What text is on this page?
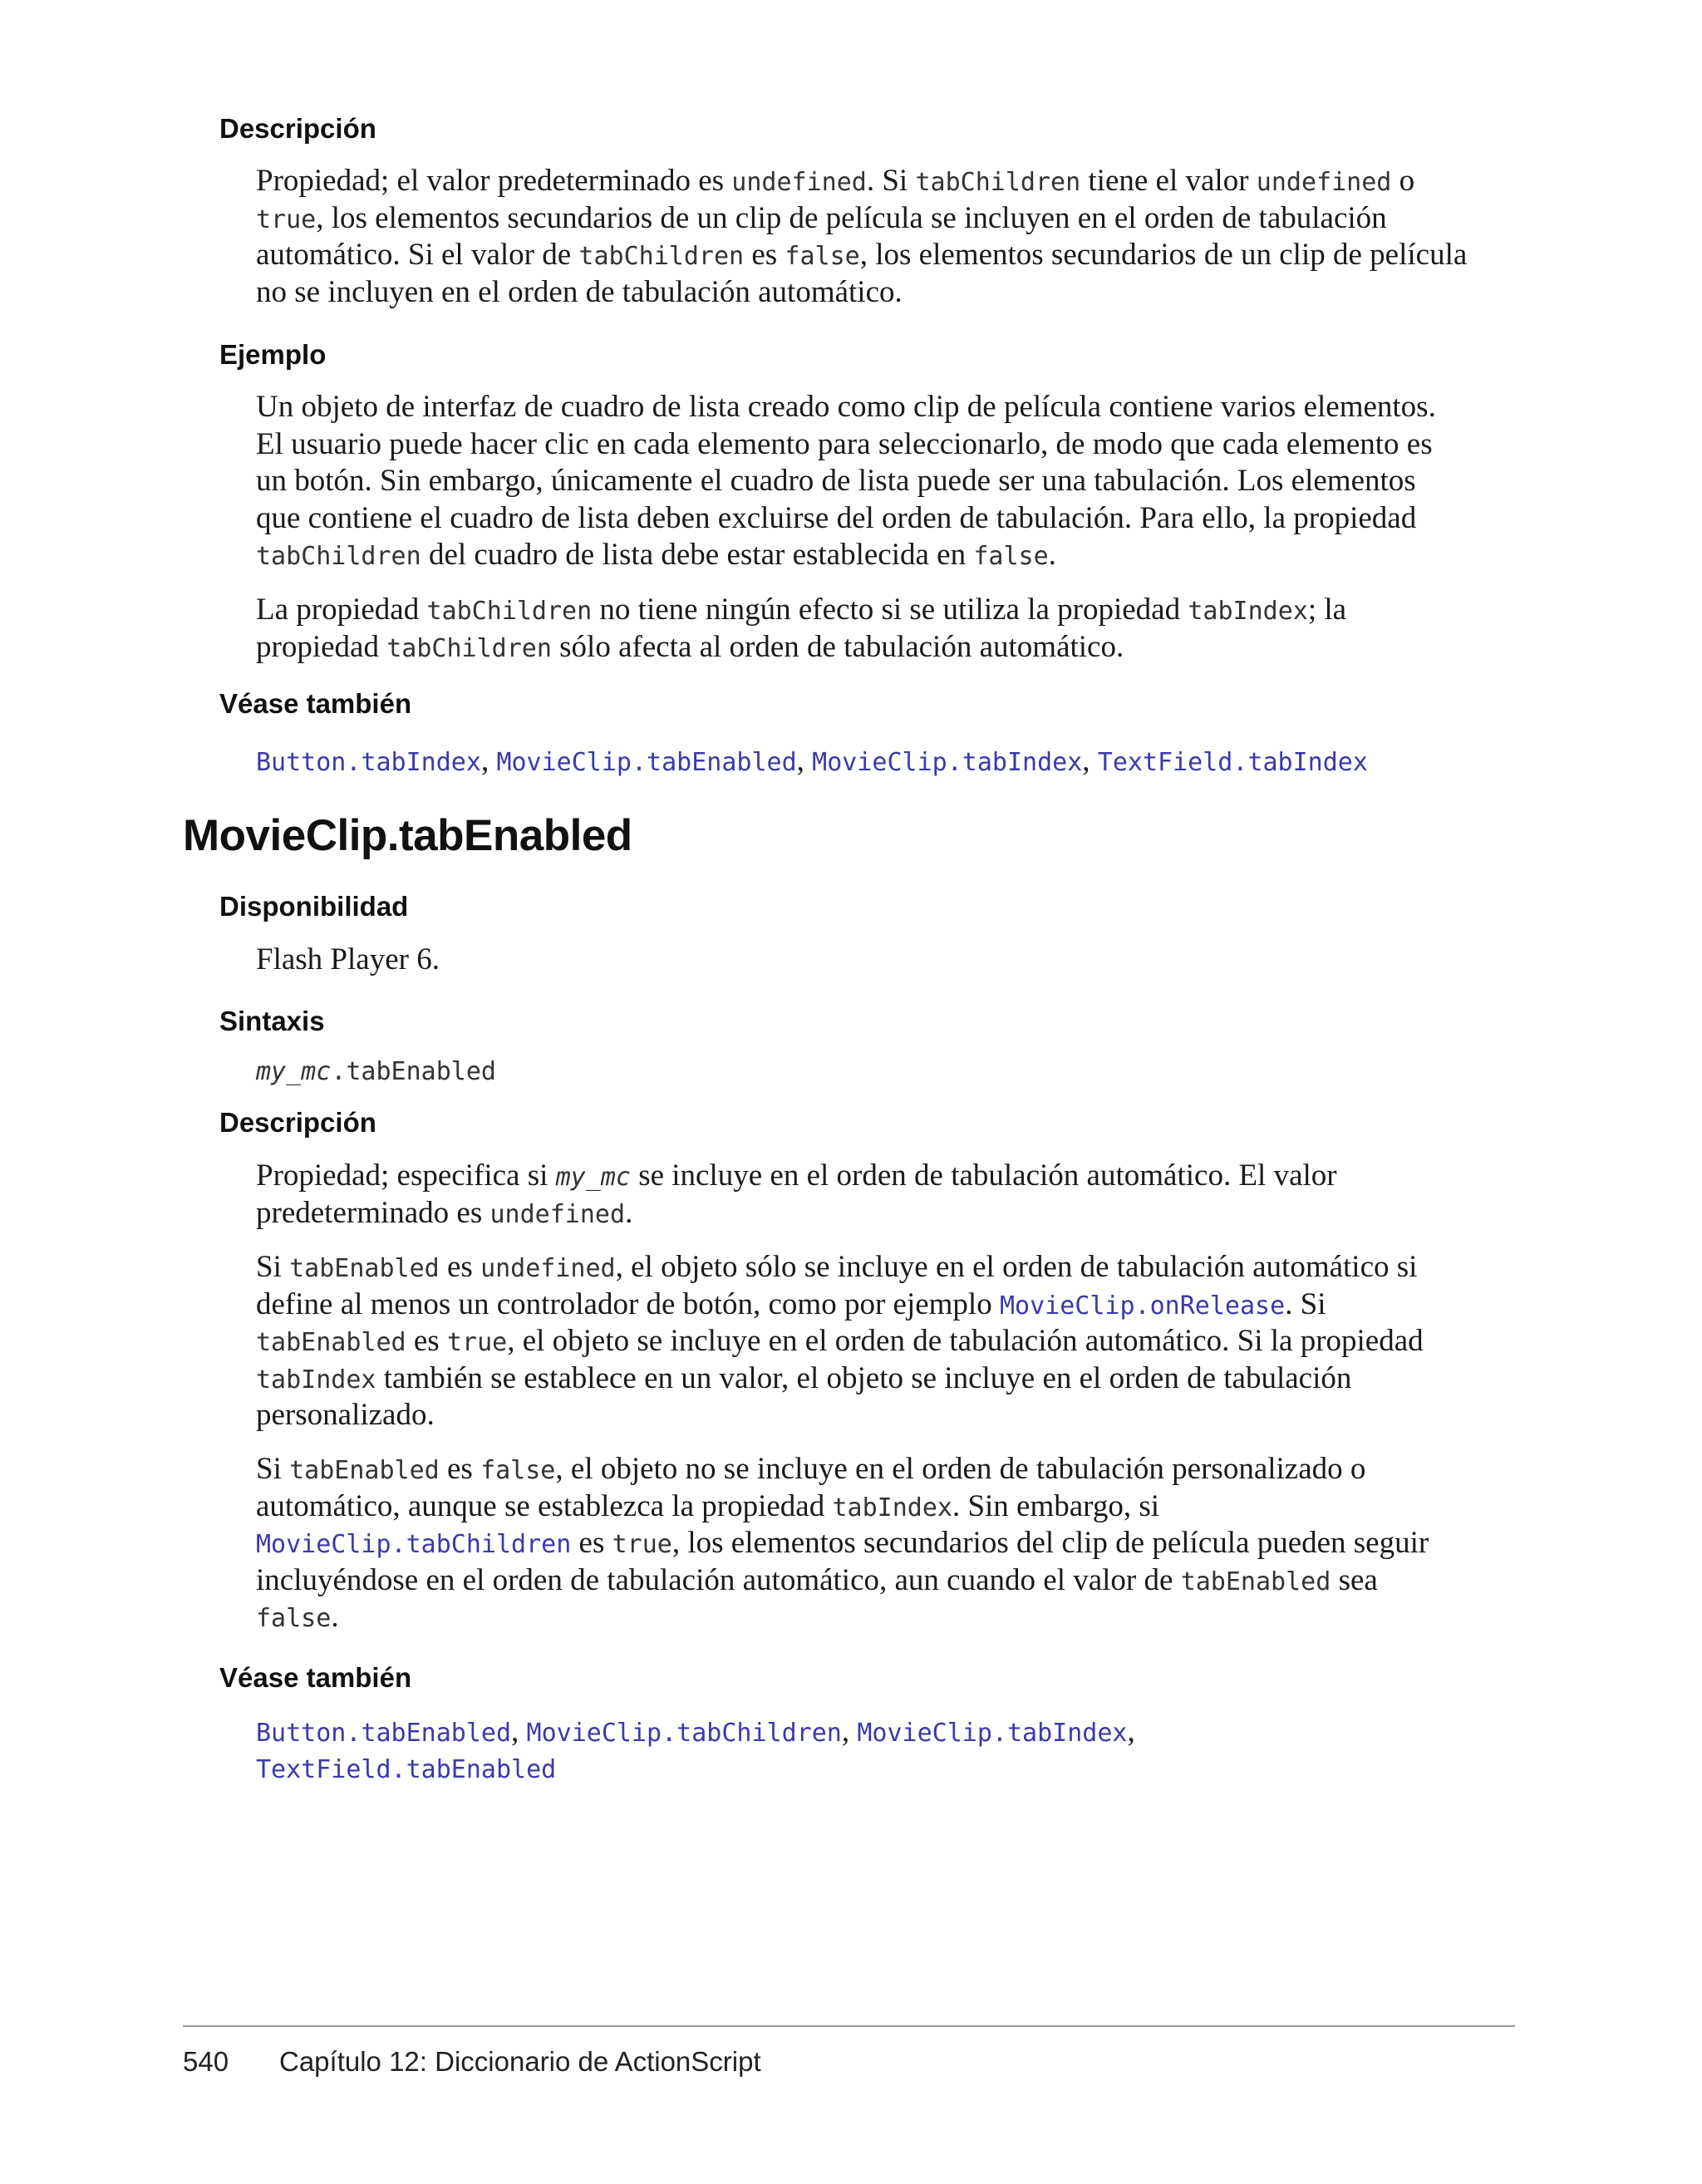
Descripción
Propiedad; el valor predeterminado es undefined. Si tabChildren tiene el valor undefined o
true, los elementos secundarios de un clip de película se incluyen en el orden de tabulación
automático. Si el valor de tabChildren es false, los elementos secundarios de un clip de película
no se incluyen en el orden de tabulación automático.
Ejemplo
Un objeto de interfaz de cuadro de lista creado como clip de película contiene varios elementos.
El usuario puede hacer clic en cada elemento para seleccionarlo, de modo que cada elemento es
un botón. Sin embargo, únicamente el cuadro de lista puede ser una tabulación. Los elementos
que contiene el cuadro de lista deben excluirse del orden de tabulación. Para ello, la propiedad
tabChildren del cuadro de lista debe estar establecida en false.
La propiedad tabChildren no tiene ningún efecto si se utiliza la propiedad tabIndex; la
propiedad tabChildren sólo afecta al orden de tabulación automático.
Véase también
Button.tabIndex, MovieClip.tabEnabled, MovieClip.tabIndex, TextField.tabIndex
MovieClip.tabEnabled
Disponibilidad
Flash Player 6.
Sintaxis
my_mc.tabEnabled
Descripción
Propiedad; especifica si my_mc se incluye en el orden de tabulación automático. El valor
predeterminado es undefined.
Si tabEnabled es undefined, el objeto sólo se incluye en el orden de tabulación automático si
define al menos un controlador de botón, como por ejemplo MovieClip.onRelease. Si
tabEnabled es true, el objeto se incluye en el orden de tabulación automático. Si la propiedad
tabIndex también se establece en un valor, el objeto se incluye en el orden de tabulación
personalizado.
Si tabEnabled es false, el objeto no se incluye en el orden de tabulación personalizado o
automático, aunque se establezca la propiedad tabIndex. Sin embargo, si
MovieClip.tabChildren es true, los elementos secundarios del clip de película pueden seguir
incluyéndose en el orden de tabulación automático, aun cuando el valor de tabEnabled sea
false.
Véase también
Button.tabEnabled, MovieClip.tabChildren, MovieClip.tabIndex,
TextField.tabEnabled
540 Capítulo 12: Diccionario de ActionScript
